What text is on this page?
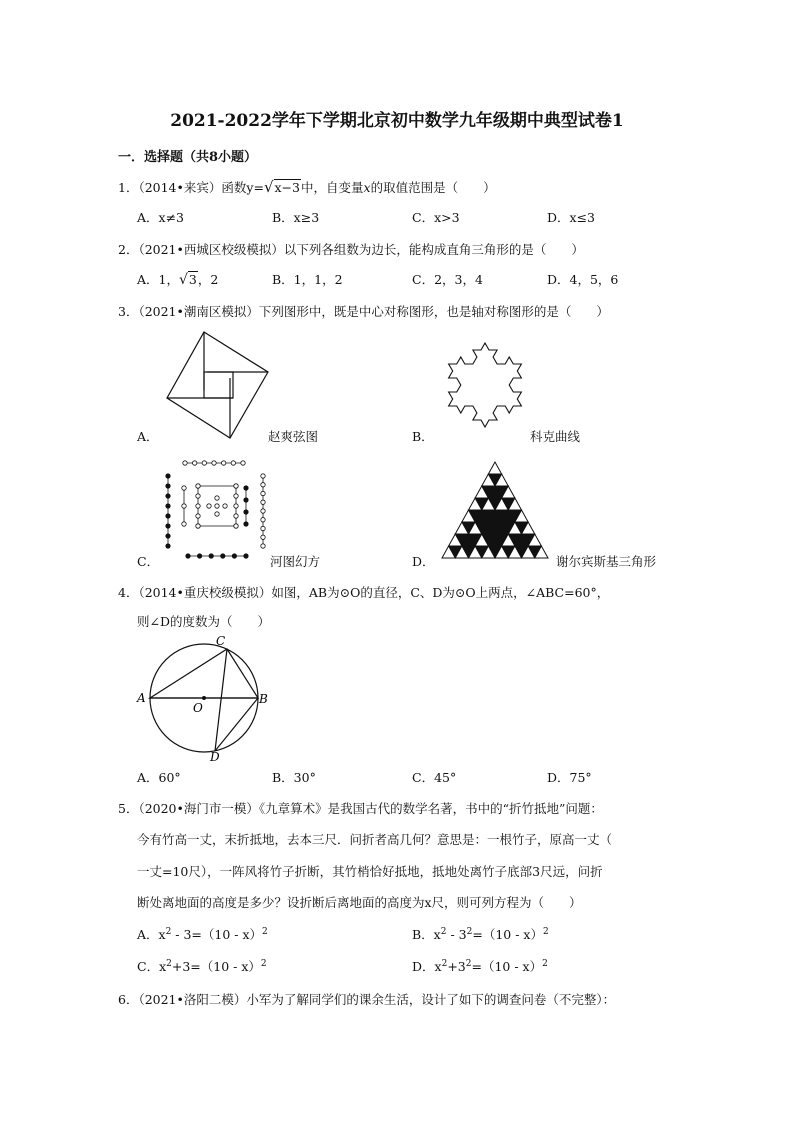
2021-2022学年下学期北京初中数学九年级期中典型试卷1
一．选择题（共8小题）
1．（2014•来宾）函数y=√x−3中，自变量x的取值范围是（　　）
A．x≠3	B．x≥3	C．x>3	D．x≤3
2．（2021•西城区校级模拟）以下列各组数为边长，能构成直角三角形的是（　　）
A．1，√3，2	B．1，1，2	C．2，3，4	D．4，5，6
3．（2021•潮南区模拟）下列图形中，既是中心对称图形，也是轴对称图形的是（　　）
A．	赵爽弦图	B．	科克曲线
C．	河图幻方	D．	谢尔宾斯基三角形
4．（2014•重庆校级模拟）如图，AB为⊙O的直径，C、D为⊙O上两点，∠ABC=60°，
则∠D的度数为（　　）
A	B
C
D
O
A．60°	B．30°	C．45°	D．75°
5．（2020•海门市一模）《九章算术》是我国古代的数学名著，书中的“折竹抵地”问题：
今有竹高一丈，末折抵地，去本三尺．问折者高几何？意思是：一根竹子，原高一丈（
一丈=10尺），一阵风将竹子折断，其竹梢恰好抵地，抵地处离竹子底部3尺远，问折
断处离地面的高度是多少？设折断后离地面的高度为x尺，则可列方程为（　　）
A．$x^2 - 3=(10 - x)^2$	B．$x^2 - 3^2=(10 - x)^2$
C．$x^2+3=(10 - x)^2$	D．$x^2+3^2=(10 - x)^2$
6．（2021•洛阳二模）小军为了解同学们的课余生活，设计了如下的调查问卷（不完整）：
